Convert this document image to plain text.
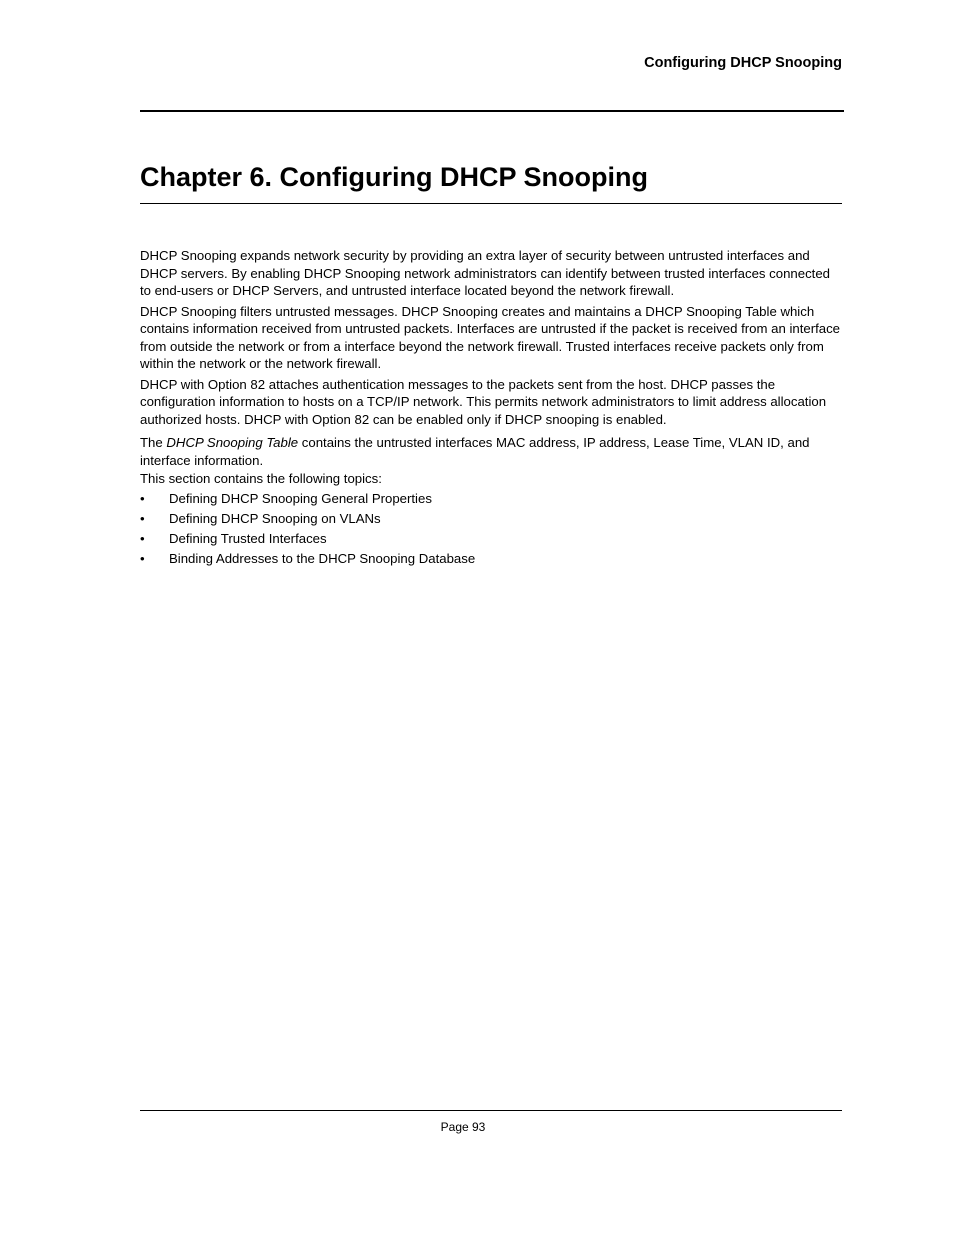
Configuring DHCP Snooping
Chapter 6. Configuring DHCP Snooping

DHCP Snooping expands network security by providing an extra layer of security between untrusted interfaces and DHCP servers. By enabling DHCP Snooping network administrators can identify between trusted interfaces connected to end-users or DHCP Servers, and untrusted interface located beyond the network firewall.

DHCP Snooping filters untrusted messages. DHCP Snooping creates and maintains a DHCP Snooping Table which contains information received from untrusted packets. Interfaces are untrusted if the packet is received from an interface from outside the network or from a interface beyond the network firewall. Trusted interfaces receive packets only from within the network or the network firewall.

DHCP with Option 82 attaches authentication messages to the packets sent from the host. DHCP passes the configuration information to hosts on a TCP/IP network. This permits network administrators to limit address allocation authorized hosts. DHCP with Option 82 can be enabled only if DHCP snooping is enabled.

The DHCP Snooping Table contains the untrusted interfaces MAC address, IP address, Lease Time, VLAN ID, and interface information.

This section contains the following topics:

• Defining DHCP Snooping General Properties
• Defining DHCP Snooping on VLANs
• Defining Trusted Interfaces
• Binding Addresses to the DHCP Snooping Database
Page 93
